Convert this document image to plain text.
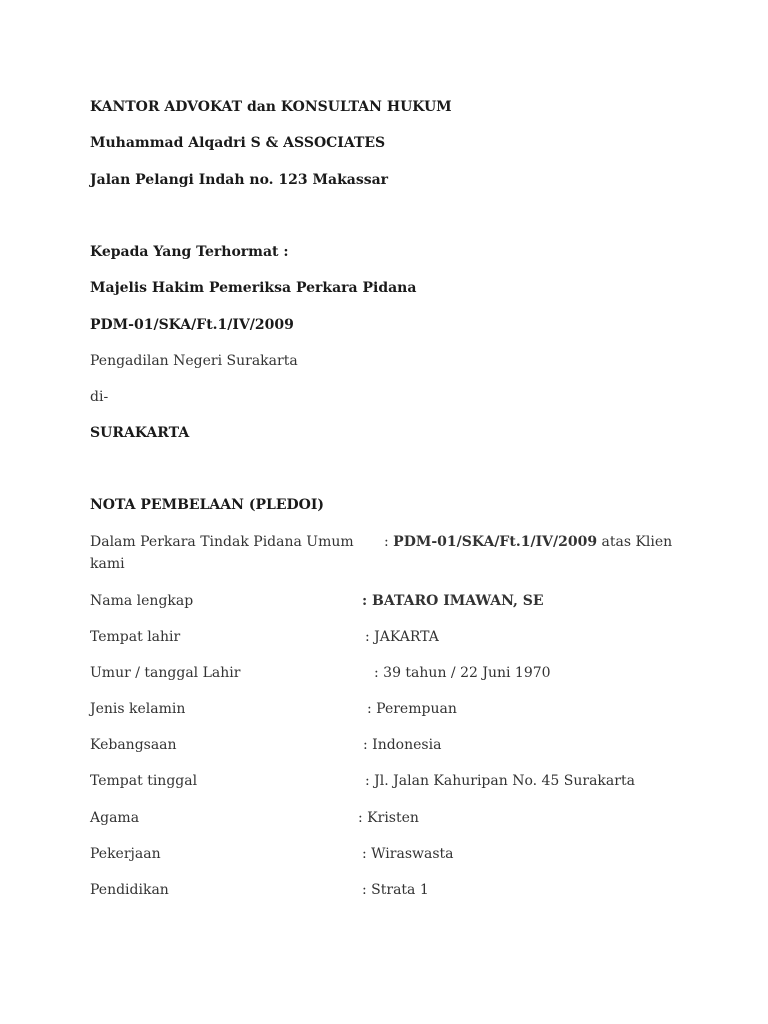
KANTOR ADVOKAT dan KONSULTAN HUKUM
Muhammad Alqadri S & ASSOCIATES
Jalan Pelangi Indah no. 123 Makassar
Kepada Yang Terhormat :
Majelis Hakim Pemeriksa Perkara Pidana
PDM-01/SKA/Ft.1/IV/2009
Pengadilan Negeri Surakarta
di-
SURAKARTA
NOTA PEMBELAAN (PLEDOI)
Dalam Perkara Tindak Pidana Umum : PDM-01/SKA/Ft.1/IV/2009 atas Klien
kami
Nama lengkap	: BATARO IMAWAN, SE
Tempat lahir	: JAKARTA
Umur / tanggal Lahir	: 39 tahun / 22 Juni 1970
Jenis kelamin	: Perempuan
Kebangsaan	: Indonesia
Tempat tinggal	: Jl. Jalan Kahuripan No. 45 Surakarta
Agama	: Kristen
Pekerjaan	: Wiraswasta
Pendidikan	: Strata 1
